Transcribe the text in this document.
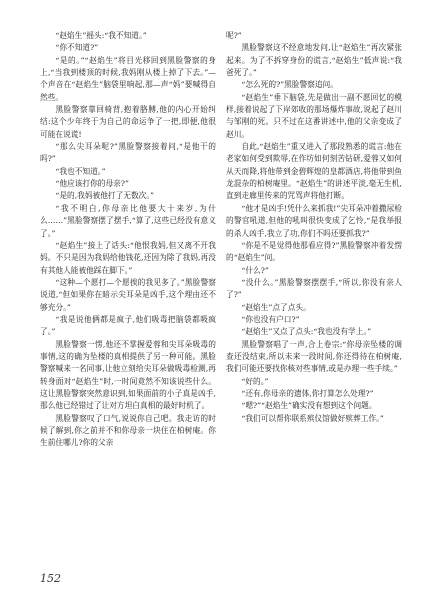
“赵焰生”摇头:“我不知道。”

“你不知道?”

“是的。”“赵焰生”将目光移回到黑脸警察的身上,“当我到楼顶的时候,我妈刚从楼上掉了下去。”—个声音在“赵焰生”脑袋里响起,那—声“妈”要喊得自然些。

黑脸警察靠回椅背,抱着胳膊,他的内心开始纠结:这个少年终于为自己的命运争了一把,即便,他很可能在说谎!

“那么尖耳朵呢?”黑脸警察接着问,“是他干的吗?”

“我也不知道。”

“他应该打你的母亲?”

“是的,我妈被他打了无数次。”

“我不明白,你母亲比他要大十来岁,为什么……”黑脸警察摆了摆手,“算了,这些已经没有意义了。”

“赵焰生”接上了话头:“他恨我妈,但又离不开我妈。不只是因为我妈给他钱花,还因为除了我妈,再没有其他人能被他踩在脚下。”

“这种—个愿打—个愿挨的我见多了。”黑脸警察说道,“但如果你在暗示尖耳朵是凶手,这个理由还不够充分。”

“我是说他俩都是疯子,他们吸毒把脑袋都吸疯了。”

黑脸警察一愣,他还不掌握爱蓉和尖耳朵吸毒的事情,这的确为坠楼的真相提供了另一种可能。黑脸警察喊来一名同事,让他立刻给尖耳朵做吸毒检测,再转身面对“赵焰生”时,一时间竟然不知该说些什么。这让黑脸警察突然意识到,如果面前的小子真是凶手,那么他已经错过了让对方坦白真相的最好时机了。

黑脸警察叹了口气,说说你自己吧。我走访的时候了解到,你之前并不和你母亲一块住在柏树庵。你生前住哪儿?你的父亲

呢?”

黑脸警察这不经意地发问,让“赵焰生”再次紧张起来。为了不拆穿身份的谎言,“赵焰生”低声说:“我爸死了。”

“怎么死的?”黑脸警察追问。

“赵焰生”垂下脑袋,先是做出一副不愿回忆的模样,接着说起了下岸郊收的那场爆炸事故,说起了赵川与邹刚的死。只不过在这番讲述中,他的父亲变成了赵川。

自此,“赵焰生”重又进入了那段熟悉的谎言:他在老家如何受到欺辱,在作坊如何刻苦钻研,爱蓉又如何从天而降,将他带到金碧辉煌的皇都酒店,将他带到鱼龙混杂的柏树庵里。“赵焰生”的讲述平淡,毫无生机,直到走廊里传来的咒骂声将他打断。

“他才是凶手!凭什么来抓我!”尖耳朵冲着撒尿检的警官吼道,但他的吼叫很快变成了乞怜,“是我举报的杀人凶手,我立了功,你们不吗还要抓我?”

“你是不是觉得他那看应得?”黑脸警察冲着发愣的“赵焰生”问。

“什么?”

“没什么。”黑脸警察摆摆手,“所以,你没有亲人了?”

“赵焰生”点了点头。

“你也没有户口?”

“赵焰生”又点了点头:“我也没有学上。”

黑脸警察唱了一声,合上卷宗:“你母亲坠楼的调查还没结束,所以未来一段时间,你还得待在柏树庵,我们可能还要找你核对些事情,或是办理一些手续。”

“好的。”

“还有,你母亲的遗体,你打算怎么处理?”

“嗯?”“赵焰生”确实没有想到这个问题。

“我们可以帮你联系殡仪馆做好殡葬工作。”

152
